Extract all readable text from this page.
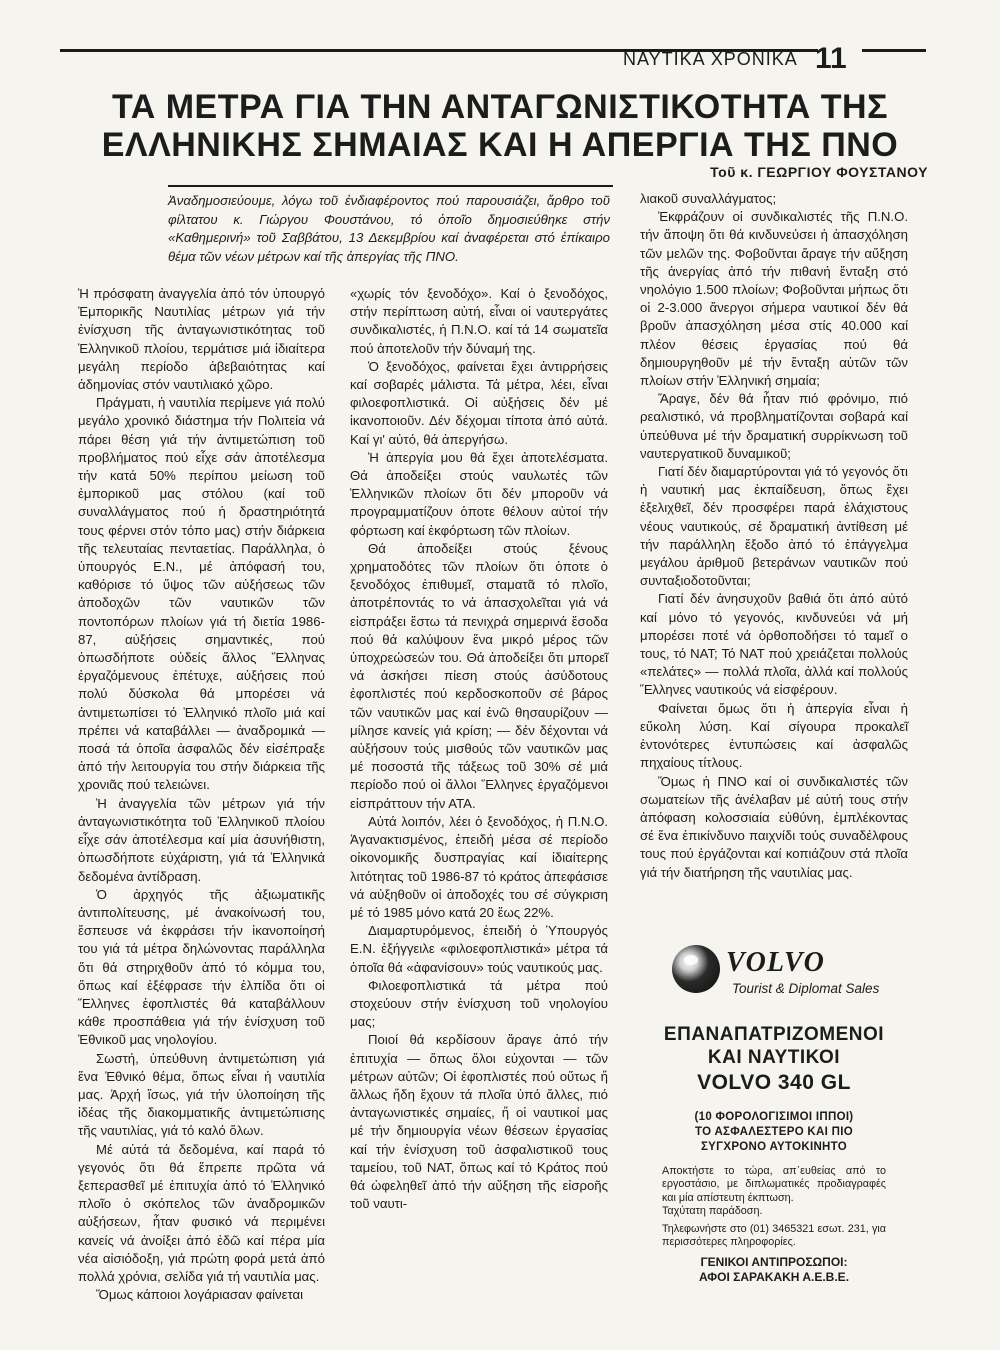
ΝΑΥΤΙΚΑ ΧΡΟΝΙΚΑ 11
ΤΑ ΜΕΤΡΑ ΓΙΑ ΤΗΝ ΑΝΤΑΓΩΝΙΣΤΙΚΟΤΗΤΑ ΤΗΣ
ΕΛΛΗΝΙΚΗΣ ΣΗΜΑΙΑΣ ΚΑΙ Η ΑΠΕΡΓΙΑ ΤΗΣ ΠΝΟ
Τοῦ κ. ΓΕΩΡΓΙΟΥ ΦΟΥΣΤΑΝΟΥ
Ἀναδημοσιεύουμε, λόγω τοῦ ἐνδιαφέροντος πού παρουσιάζει, ἄρθρο τοῦ φίλτατου κ. Γιώργου Φουστάνου, τό ὁποῖο δημοσιεύθηκε στήν «Καθημερινή» τοῦ Σαββάτου, 13 Δεκεμβρίου καί ἀναφέρεται στό ἐπίκαιρο θέμα τῶν νέων μέτρων καί τῆς ἀπεργίας τῆς ΠΝΟ.

Ἡ πρόσφατη ἀναγγελία ἀπό τόν ὑπουργό Ἐμπορικῆς Ναυτιλίας μέτρων γιά τήν ἐνίσχυση τῆς ἀνταγωνιστικότητας τοῦ Ἑλληνικοῦ πλοίου, τερμάτισε μιά ἰδιαίτερα μεγάλη περίοδο ἀβεβαιότητας καί ἀδημονίας στόν ναυτιλιακό χῶρο.

Πράγματι, ἡ ναυτιλία περίμενε γιά πολύ μεγάλο χρονικό διάστημα τήν Πολιτεία νά πάρει θέση γιά τήν ἀντιμετώπιση τοῦ προβλήματος πού εἶχε σάν ἀποτέλεσμα τήν κατά 50% περίπου μείωση τοῦ ἐμπορικοῦ μας στόλου (καί τοῦ συναλλάγματος πού ἡ δραστηριότητά τους φέρνει στόν τόπο μας) στήν διάρκεια τῆς τελευταίας πενταετίας. Παράλληλα, ὁ ὑπουργός Ε.Ν., μέ ἀπόφασή του, καθόρισε τό ὕψος τῶν αὐξήσεως τῶν ἀποδοχῶν τῶν ναυτικῶν τῶν ποντοπόρων πλοίων γιά τή διετία 1986-87, αὐξήσεις σημαντικές, πού ὁπωσδήποτε οὐδείς ἄλλος Ἕλληνας ἐργαζόμενους ἐπέτυχε, αὐξήσεις πού πολύ δύσκολα θά μπορέσει νά ἀντιμετωπίσει τό Ἑλληνικό πλοῖο μιά καί πρέπει νά καταβάλλει — ἀναδρομικά — ποσά τά ὁποῖα ἀσφαλῶς δέν εἰσέπραξε ἀπό τήν λειτουργία του στήν διάρκεια τῆς χρονιᾶς πού τελειώνει.

Ἡ ἀναγγελία τῶν μέτρων γιά τήν ἀνταγωνιστικότητα τοῦ Ἑλληνικοῦ πλοίου εἶχε σάν ἀποτέλεσμα καί μία ἀσυνήθιστη, ὁπωσδήποτε εὐχάριστη, γιά τά Ἑλληνικά δεδομένα ἀντίδραση.

Ὁ ἀρχηγός τῆς ἀξιωματικῆς ἀντιπολίτευσης, μέ ἀνακοίνωσή του, ἔσπευσε νά ἐκφράσει τήν ἱκανοποίησή του γιά τά μέτρα δηλώνοντας παράλληλα ὅτι θά στηριχθοῦν ἀπό τό κόμμα του, ὅπως καί ἐξέφρασε τήν ἐλπίδα ὅτι οἱ Ἕλληνες ἐφοπλιστές θά καταβάλλουν κάθε προσπάθεια γιά τήν ἐνίσχυση τοῦ Ἐθνικοῦ μας νηολογίου.

Σωστή, ὑπεύθυνη ἀντιμετώπιση γιά ἕνα Ἐθνικό θέμα, ὅπως εἶναι ἡ ναυτιλία μας. Ἀρχή ἴσως, γιά τήν ὑλοποίηση τῆς ἰδέας τῆς διακομματικῆς ἀντιμετώπισης τῆς ναυτιλίας, γιά τό καλό ὅλων.

Μέ αὐτά τά δεδομένα, καί παρά τό γεγονός ὅτι θά ἔπρεπε πρῶτα νά ξεπερασθεῖ μέ ἐπιτυχία ἀπό τό Ἑλληνικό πλοῖο ὁ σκόπελος τῶν ἀναδρομικῶν αὐξήσεων, ἦταν φυσικό νά περιμένει κανείς νά ἀνοίξει ἀπό ἐδῶ καί πέρα μία νέα αἰσιόδοξη, γιά πρώτη φορά μετά ἀπό πολλά χρόνια, σελίδα γιά τή ναυτιλία μας.

Ὅμως κάποιοι λογάριασαν φαίνεται

«χωρίς τόν ξενοδόχο». Καί ὁ ξενοδόχος, στήν περίπτωση αὐτή, εἶναι οἱ ναυτεργάτες συνδικαλιστές, ἡ Π.Ν.Ο. καί τά 14 σωματεῖα πού ἀποτελοῦν τήν δύναμή της.

Ὁ ξενοδόχος, φαίνεται ἔχει ἀντιρρήσεις καί σοβαρές μάλιστα. Τά μέτρα, λέει, εἶναι φιλοεφοπλιστικά. Οἱ αὐξήσεις δέν μέ ἱκανοποιοῦν. Δέν δέχομαι τίποτα ἀπό αὐτά. Καί γι' αὐτό, θά ἀπεργήσω.

Ἡ ἀπεργία μου θά ἔχει ἀποτελέσματα. Θά ἀποδείξει στούς ναυλωτές τῶν Ἑλληνικῶν πλοίων ὅτι δέν μποροῦν νά προγραμματίζουν ὁποτε θέλουν αὐτοί τήν φόρτωση καί ἐκφόρτωση τῶν πλοίων.

Θά ἀποδείξει στούς ξένους χρηματοδότες τῶν πλοίων ὅτι ὁποτε ὁ ξενοδόχος ἐπιθυμεῖ, σταματᾶ τό πλοῖο, ἀποτρέποντάς το νά ἀπασχολεῖται γιά νά εἰσπράξει ἔστω τά πενιχρά σημερινά ἔσοδα πού θά καλύψουν ἕνα μικρό μέρος τῶν ὑποχρεώσεών του. Θά ἀποδείξει ὅτι μπορεῖ νά ἀσκήσει πίεση στούς ἀσύδοτους ἐφοπλιστές πού κερδοσκοποῦν σέ βάρος τῶν ναυτικῶν μας καί ἐνῶ θησαυρίζουν — μίλησε κανείς γιά κρίση; — δέν δέχονται νά αὐξήσουν τούς μισθούς τῶν ναυτικῶν μας μέ ποσοστά τῆς τάξεως τοῦ 30% σέ μιά περίοδο πού οἱ ἄλλοι Ἕλληνες ἐργαζόμενοι εἰσπράττουν τήν ΑΤΑ.

Αὐτά λοιπόν, λέει ὁ ξενοδόχος, ἡ Π.Ν.Ο. Ἀγανακτισμένος, ἐπειδή μέσα σέ περίοδο οἰκονομικῆς δυσπραγίας καί ἰδιαίτερης λιτότητας τοῦ 1986-87 τό κράτος ἀπεφάσισε νά αὐξηθοῦν οἱ ἀποδοχές του σέ σύγκριση μέ τό 1985 μόνο κατά 20 ἕως 22%.

Διαμαρτυρόμενος, ἐπειδή ὁ Ὑπουργός Ε.Ν. ἐξήγγειλε «φιλοεφοπλιστικά» μέτρα τά ὁποῖα θά «ἀφανίσουν» τούς ναυτικούς μας.

Φιλοεφοπλιστικά τά μέτρα πού στοχεύουν στήν ἐνίσχυση τοῦ νηολογίου μας;

Ποιοί θά κερδίσουν ἄραγε ἀπό τήν ἐπιτυχία — ὅπως ὅλοι εὐχονται — τῶν μέτρων αὐτῶν; Οἱ ἐφοπλιστές πού οὕτως ἤ ἄλλως ἤδη ἔχουν τά πλοῖα ὑπό ἄλλες, πιό ἀνταγωνιστικές σημαίες, ἤ οἱ ναυτικοί μας μέ τήν δημιουργία νέων θέσεων ἐργασίας καί τήν ἐνίσχυση τοῦ ἀσφαλιστικοῦ τους ταμείου, τοῦ ΝΑΤ, ὅπως καί τό Κράτος πού θά ὠφεληθεῖ ἀπό τήν αὔξηση τῆς εἰσροῆς τοῦ ναυτι-

λιακοῦ συναλλάγματος;

Ἐκφράζουν οἱ συνδικαλιστές τῆς Π.Ν.Ο. τήν ἄποψη ὅτι θά κινδυνεύσει ἡ ἀπασχόληση τῶν μελῶν της. Φοβοῦνται ἄραγε τήν αὔξηση τῆς ἀνεργίας ἀπό τήν πιθανή ἔνταξη στό νηολόγιο 1.500 πλοίων; Φοβοῦνται μήπως ὅτι οἱ 2-3.000 ἄνεργοι σήμερα ναυτικοί δέν θά βροῦν ἀπασχόληση μέσα στίς 40.000 καί πλέον θέσεις ἐργασίας πού θά δημιουργηθοῦν μέ τήν ἔνταξη αὐτῶν τῶν πλοίων στήν Ἑλληνική σημαία;

Ἄραγε, δέν θά ἦταν πιό φρόνιμο, πιό ρεαλιστικό, νά προβληματίζονται σοβαρά καί ὑπεύθυνα μέ τήν δραματική συρρίκνωση τοῦ ναυτεργατικοῦ δυναμικοῦ;

Γιατί δέν διαμαρτύρονται γιά τό γεγονός ὅτι ἡ ναυτική μας ἐκπαίδευση, ὅπως ἔχει ἐξελιχθεῖ, δέν προσφέρει παρά ἐλάχιστους νέους ναυτικούς, σέ δραματική ἀντίθεση μέ τήν παράλληλη ἔξοδο ἀπό τό ἐπάγγελμα μεγάλου ἀριθμοῦ βετεράνων ναυτικῶν πού συνταξιοδοτοῦνται;

Γιατί δέν ἀνησυχοῦν βαθιά ὅτι ἀπό αὐτό καί μόνο τό γεγονός, κινδυνεύει νά μή μπορέσει ποτέ νά ὀρθοποδήσει τό ταμεῖ ο τους, τό ΝΑΤ; Τό ΝΑΤ πού χρειάζεται πολλούς «πελάτες» — πολλά πλοῖα, ἀλλά καί πολλούς Ἕλληνες ναυτικούς νά εἰσφέρουν.

Φαίνεται ὅμως ὅτι ἡ ἀπεργία εἶναι ἡ εὔκολη λύση. Καί σίγουρα προκαλεῖ ἐντονότερες ἐντυπώσεις καί ἀσφαλῶς πηχαίους τίτλους.

Ὅμως ἡ ΠΝΟ καί οἱ συνδικαλιστές τῶν σωματείων τῆς ἀνέλαβαν μέ αὐτή τους στήν ἀπόφαση κολοσσιαία εὐθύνη, ἐμπλέκοντας σέ ἕνα ἐπικίνδυνο παιχνίδι τούς συναδέλφους τους πού ἐργάζονται καί κοπιάζουν στά πλοῖα γιά τήν διατήρηση τῆς ναυτιλίας μας.

VOLVO
Tourist & Diplomat Sales
ΕΠΑΝΑΠΑΤΡΙΖΟΜΕΝΟΙ
ΚΑΙ ΝΑΥΤΙΚΟΙ
VOLVO 340 GL
(10 ΦΟΡΟΛΟΓΙΣΙΜΟΙ ΙΠΠΟΙ)
ΤΟ ΑΣΦΑΛΕΣΤΕΡΟ ΚΑΙ ΠΙΟ
ΣΥΓΧΡΟΝΟ ΑΥΤΟΚΙΝΗΤΟ

Αποκτήστε το τώρα, απ᾽ευθείας από το εργοστάσιο, με διπλωματικές προδιαγραφές και μία απίστευτη έκπτωση.

Ταχύτατη παράδοση.

Τηλεφωνήστε στο (01) 3465321 εσωτ. 231, για περισσότερες πληροφορίες.

ΓΕΝΙΚΟΙ ΑΝΤΙΠΡΟΣΩΠΟΙ:
ΑΦΟΙ ΣΑΡΑΚΑΚΗ Α.Ε.Β.Ε.
